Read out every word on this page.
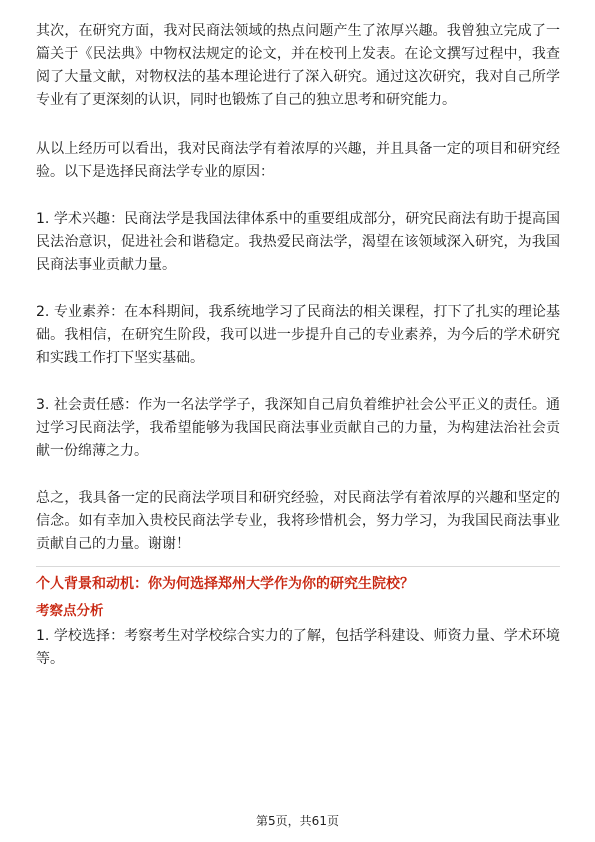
其次，在研究方面，我对民商法领域的热点问题产生了浓厚兴趣。我曾独立完成了一篇关于《民法典》中物权法规定的论文，并在校刊上发表。在论文撰写过程中，我查阅了大量文献，对物权法的基本理论进行了深入研究。通过这次研究，我对自己所学专业有了更深刻的认识，同时也锻炼了自己的独立思考和研究能力。

从以上经历可以看出，我对民商法学有着浓厚的兴趣，并且具备一定的项目和研究经验。以下是选择民商法学专业的原因：

1. 学术兴趣：民商法学是我国法律体系中的重要组成部分，研究民商法有助于提高国民法治意识，促进社会和谐稳定。我热爱民商法学，渴望在该领域深入研究，为我国民商法事业贡献力量。

2. 专业素养：在本科期间，我系统地学习了民商法的相关课程，打下了扎实的理论基础。我相信，在研究生阶段，我可以进一步提升自己的专业素养，为今后的学术研究和实践工作打下坚实基础。

3. 社会责任感：作为一名法学学子，我深知自己肩负着维护社会公平正义的责任。通过学习民商法学，我希望能够为我国民商法事业贡献自己的力量，为构建法治社会贡献一份绵薄之力。

总之，我具备一定的民商法学项目和研究经验，对民商法学有着浓厚的兴趣和坚定的信念。如有幸加入贵校民商法学专业，我将珍惜机会，努力学习，为我国民商法事业贡献自己的力量。谢谢！

个人背景和动机：你为何选择郑州大学作为你的研究生院校？
考察点分析

1. 学校选择：考察考生对学校综合实力的了解，包括学科建设、师资力量、学术环境等。

第5页，共61页
